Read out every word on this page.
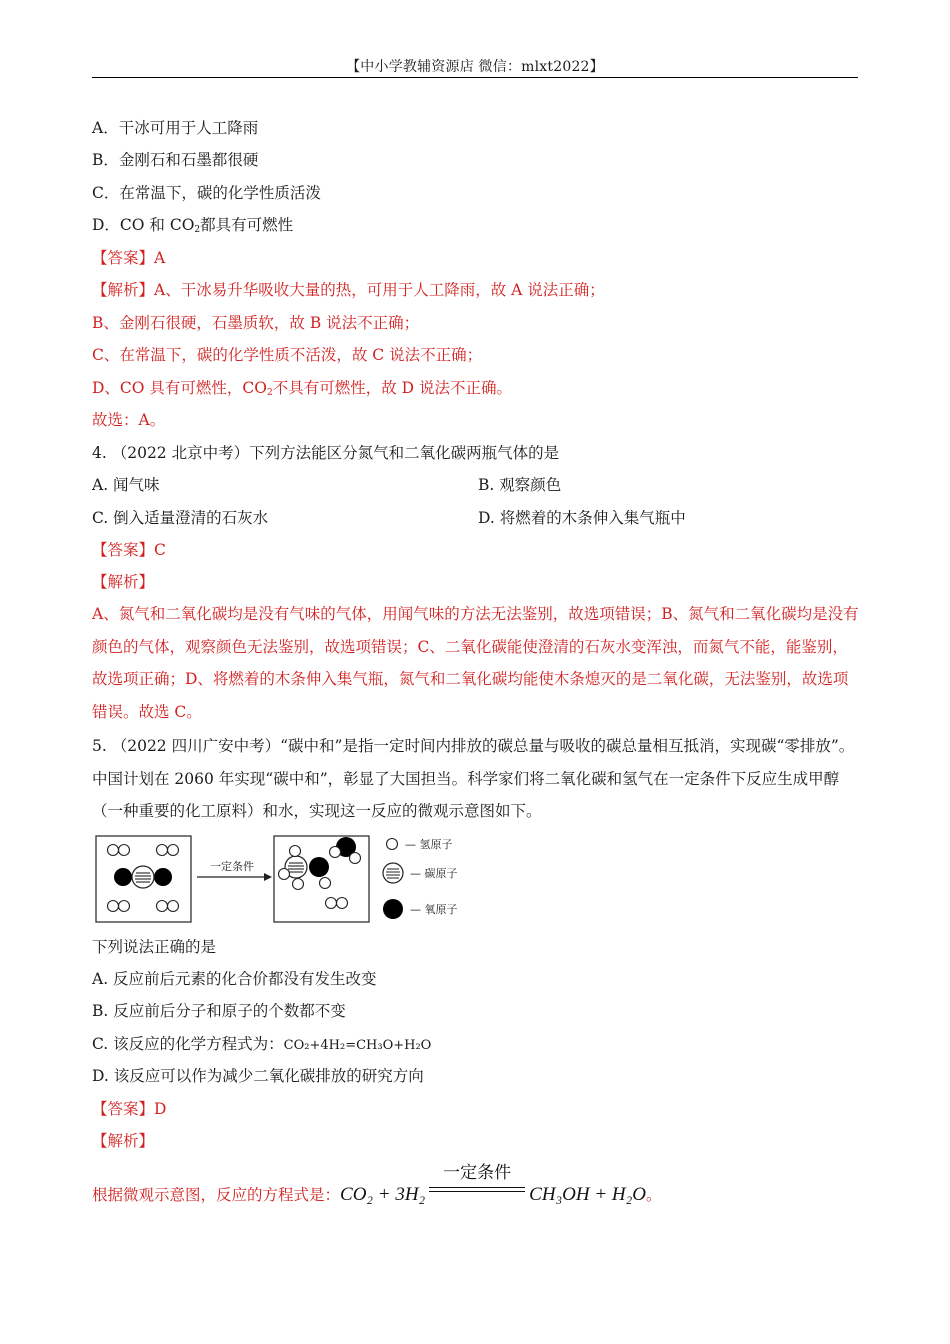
【中小学教辅资源店 微信：mlxt2022】
A．干冰可用于人工降雨
B．金刚石和石墨都很硬
C．在常温下，碳的化学性质活泼
D．CO 和 $CO_2$都具有可燃性
【答案】A
【解析】A、干冰易升华吸收大量的热，可用于人工降雨，故 A 说法正确；
B、金刚石很硬，石墨质软，故 B 说法不正确；
C、在常温下，碳的化学性质不活泼，故 C 说法不正确；
D、CO 具有可燃性，$CO_2$不具有可燃性，故 D 说法不正确。
故选：A。
4. （2022 北京中考）下列方法能区分氮气和二氧化碳两瓶气体的是
A. 闻气味	B. 观察颜色
C. 倒入适量澄清的石灰水	D. 将燃着的木条伸入集气瓶中
【答案】C
【解析】
A、氮气和二氧化碳均是没有气味的气体，用闻气味的方法无法鉴别，故选项错误；B、氮气和二氧化碳均是没有颜色的气体，观察颜色无法鉴别，故选项错误；C、二氧化碳能使澄清的石灰水变浑浊，而氮气不能，能鉴别，故选项正确；D、将燃着的木条伸入集气瓶，氮气和二氧化碳均能使木条熄灭的是二氧化碳，无法鉴别，故选项错误。故选 C。
5. （2022 四川广安中考）“碳中和”是指一定时间内排放的碳总量与吸收的碳总量相互抵消，实现碳“零排放”。中国计划在 2060 年实现“碳中和”，彰显了大国担当。科学家们将二氧化碳和氢气在一定条件下反应生成甲醇（一种重要的化工原料）和水，实现这一反应的微观示意图如下。
一定条件
— 氢原子
— 碳原子
— 氧原子
下列说法正确的是
A. 反应前后元素的化合价都没有发生改变
B. 反应前后分子和原子的个数都不变
C. 该反应的化学方程式为：CO₂+4H₂=CH₃O+H₂O
D. 该反应可以作为减少二氧化碳排放的研究方向
【答案】D
【解析】
根据微观示意图，反应的方程式是：CO₂ + 3H₂
一定条件
CH₃OH + H₂O。
